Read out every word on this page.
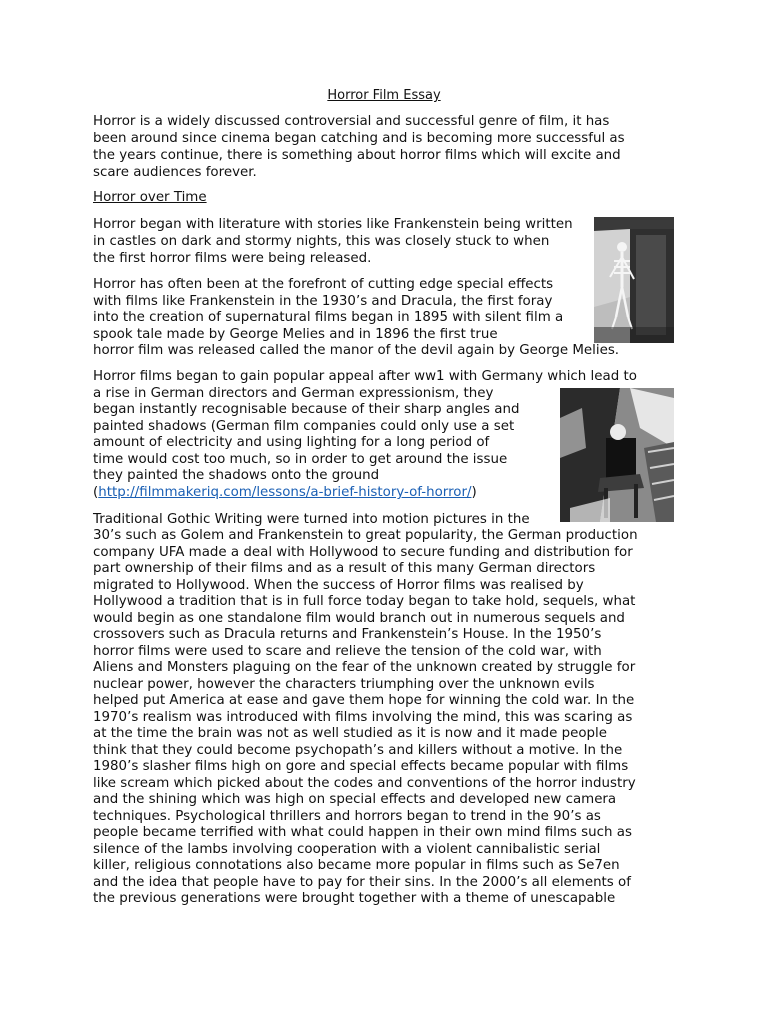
Horror Film Essay
Horror is a widely discussed controversial and successful genre of film, it has
been around since cinema began catching and is becoming more successful as
the years continue, there is something about horror films which will excite and
scare audiences forever.
Horror over Time
Horror began with literature with stories like Frankenstein being written
in castles on dark and stormy nights, this was closely stuck to when
the first horror films were being released.
Horror has often been at the forefront of cutting edge special effects
with films like Frankenstein in the 1930’s and Dracula, the first foray
into the creation of supernatural films began in 1895 with silent film a
spook tale made by George Melies and in 1896 the first true
horror film was released called the manor of the devil again by George Melies.
Horror films began to gain popular appeal after ww1 with Germany which lead to
a rise in German directors and German expressionism, they
began instantly recognisable because of their sharp angles and
painted shadows (German film companies could only use a set
amount of electricity and using lighting for a long period of
time would cost too much, so in order to get around the issue
they painted the shadows onto the ground
(http://filmmakeriq.com/lessons/a-brief-history-of-horror/)
Traditional Gothic Writing were turned into motion pictures in the
30’s such as Golem and Frankenstein to great popularity, the German production
company UFA made a deal with Hollywood to secure funding and distribution for
part ownership of their films and as a result of this many German directors
migrated to Hollywood. When the success of Horror films was realised by
Hollywood a tradition that is in full force today began to take hold, sequels, what
would begin as one standalone film would branch out in numerous sequels and
crossovers such as Dracula returns and Frankenstein’s House. In the 1950’s
horror films were used to scare and relieve the tension of the cold war, with
Aliens and Monsters plaguing on the fear of the unknown created by struggle for
nuclear power, however the characters triumphing over the unknown evils
helped put America at ease and gave them hope for winning the cold war. In the
1970’s realism was introduced with films involving the mind, this was scaring as
at the time the brain was not as well studied as it is now and it made people
think that they could become psychopath’s and killers without a motive. In the
1980’s slasher films high on gore and special effects became popular with films
like scream which picked about the codes and conventions of the horror industry
and the shining which was high on special effects and developed new camera
techniques. Psychological thrillers and horrors began to trend in the 90’s as
people became terrified with what could happen in their own mind films such as
silence of the lambs involving cooperation with a violent cannibalistic serial
killer, religious connotations also became more popular in films such as Se7en
and the idea that people have to pay for their sins. In the 2000’s all elements of
the previous generations were brought together with a theme of unescapable
